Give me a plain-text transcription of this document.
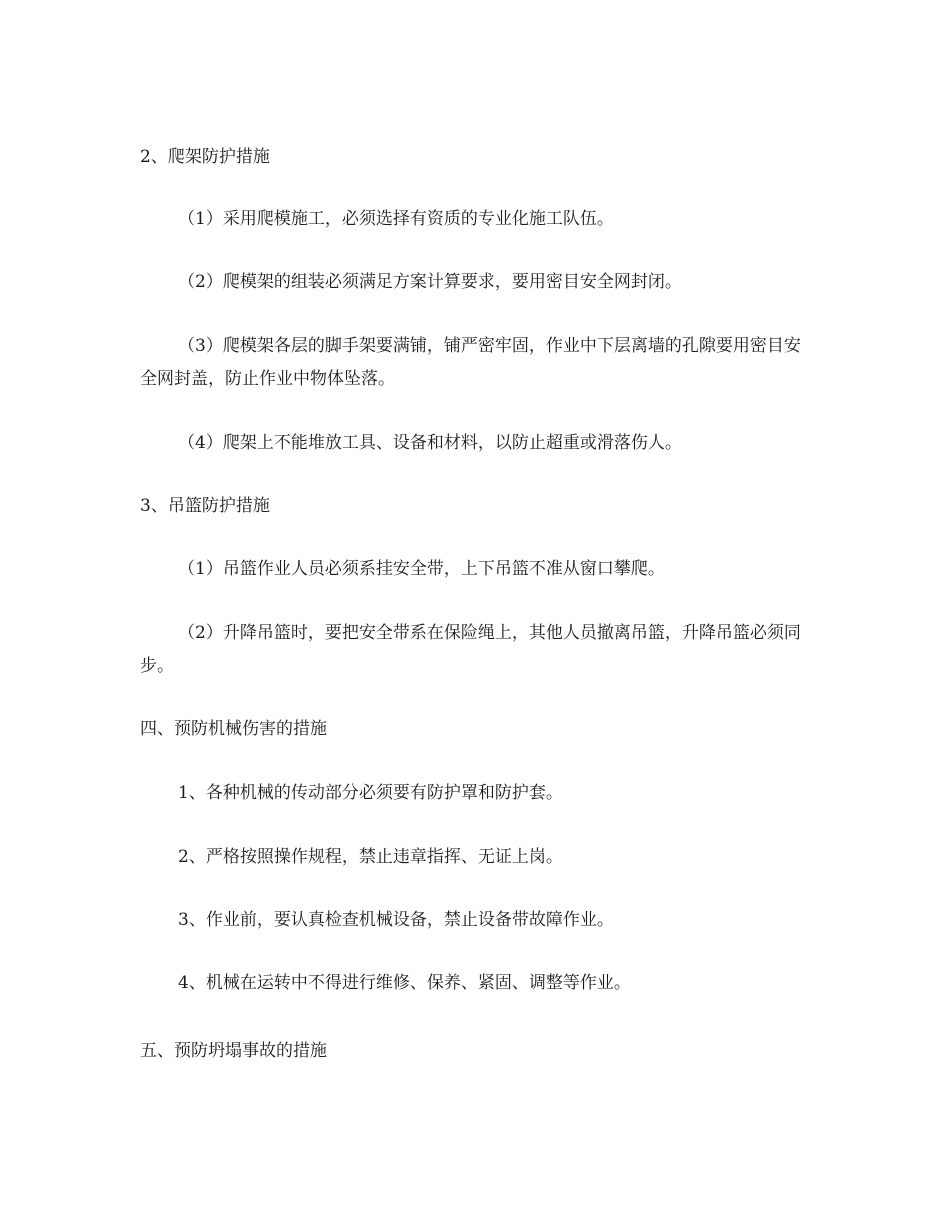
2、爬架防护措施
（1）采用爬模施工，必须选择有资质的专业化施工队伍。
（2）爬模架的组装必须满足方案计算要求，要用密目安全网封闭。
（3）爬模架各层的脚手架要满铺，铺严密牢固，作业中下层离墙的孔隙要用密目安全网封盖，防止作业中物体坠落。
（4）爬架上不能堆放工具、设备和材料，以防止超重或滑落伤人。
3、吊篮防护措施
（1）吊篮作业人员必须系挂安全带，上下吊篮不准从窗口攀爬。
（2）升降吊篮时，要把安全带系在保险绳上，其他人员撤离吊篮，升降吊篮必须同步。
四、预防机械伤害的措施
1、各种机械的传动部分必须要有防护罩和防护套。
2、严格按照操作规程，禁止违章指挥、无证上岗。
3、作业前，要认真检查机械设备，禁止设备带故障作业。
4、机械在运转中不得进行维修、保养、紧固、调整等作业。
五、预防坍塌事故的措施
